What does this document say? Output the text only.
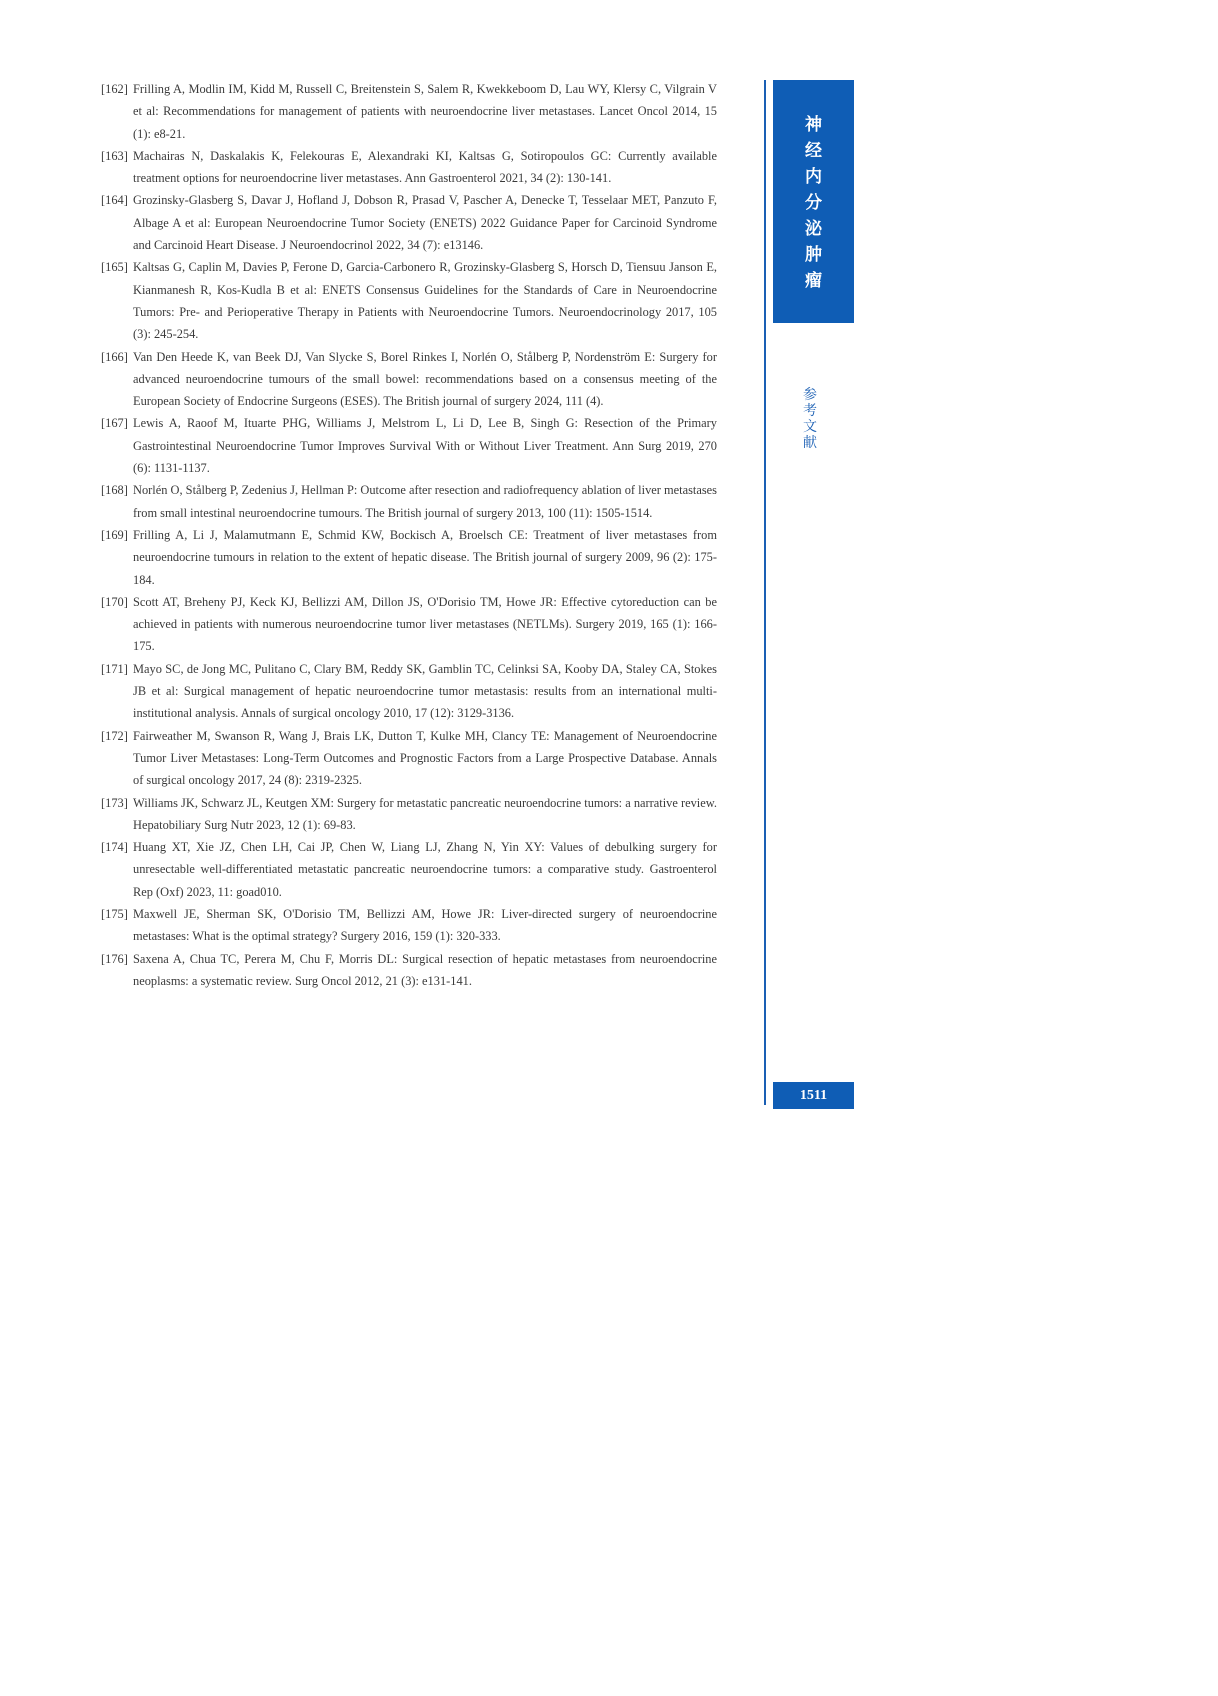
[162] Frilling A, Modlin IM, Kidd M, Russell C, Breitenstein S, Salem R, Kwekkeboom D, Lau WY, Klersy C, Vilgrain V et al: Recommendations for management of patients with neuroendocrine liver metastases. Lancet Oncol 2014, 15 (1): e8-21.
[163] Machairas N, Daskalakis K, Felekouras E, Alexandraki KI, Kaltsas G, Sotiropoulos GC: Currently available treatment options for neuroendocrine liver metastases. Ann Gastroenterol 2021, 34 (2): 130-141.
[164] Grozinsky-Glasberg S, Davar J, Hofland J, Dobson R, Prasad V, Pascher A, Denecke T, Tesselaar MET, Panzuto F, Albage A et al: European Neuroendocrine Tumor Society (ENETS) 2022 Guidance Paper for Carcinoid Syndrome and Carcinoid Heart Disease. J Neuroendocrinol 2022, 34 (7): e13146.
[165] Kaltsas G, Caplin M, Davies P, Ferone D, Garcia-Carbonero R, Grozinsky-Glasberg S, Horsch D, Tiensuu Janson E, Kianmanesh R, Kos-Kudla B et al: ENETS Consensus Guidelines for the Standards of Care in Neuroendocrine Tumors: Pre- and Perioperative Therapy in Patients with Neuroendocrine Tumors. Neuroendocrinology 2017, 105 (3): 245-254.
[166] Van Den Heede K, van Beek DJ, Van Slycke S, Borel Rinkes I, Norlén O, Stålberg P, Nordenström E: Surgery for advanced neuroendocrine tumours of the small bowel: recommendations based on a consensus meeting of the European Society of Endocrine Surgeons (ESES). The British journal of surgery 2024, 111 (4).
[167] Lewis A, Raoof M, Ituarte PHG, Williams J, Melstrom L, Li D, Lee B, Singh G: Resection of the Primary Gastrointestinal Neuroendocrine Tumor Improves Survival With or Without Liver Treatment. Ann Surg 2019, 270 (6): 1131-1137.
[168] Norlén O, Stålberg P, Zedenius J, Hellman P: Outcome after resection and radiofrequency ablation of liver metastases from small intestinal neuroendocrine tumours. The British journal of surgery 2013, 100 (11): 1505-1514.
[169] Frilling A, Li J, Malamutmann E, Schmid KW, Bockisch A, Broelsch CE: Treatment of liver metastases from neuroendocrine tumours in relation to the extent of hepatic disease. The British journal of surgery 2009, 96 (2): 175-184.
[170] Scott AT, Breheny PJ, Keck KJ, Bellizzi AM, Dillon JS, O'Dorisio TM, Howe JR: Effective cytoreduction can be achieved in patients with numerous neuroendocrine tumor liver metastases (NETLMs). Surgery 2019, 165 (1): 166-175.
[171] Mayo SC, de Jong MC, Pulitano C, Clary BM, Reddy SK, Gamblin TC, Celinksi SA, Kooby DA, Staley CA, Stokes JB et al: Surgical management of hepatic neuroendocrine tumor metastasis: results from an international multi-institutional analysis. Annals of surgical oncology 2010, 17 (12): 3129-3136.
[172] Fairweather M, Swanson R, Wang J, Brais LK, Dutton T, Kulke MH, Clancy TE: Management of Neuroendocrine Tumor Liver Metastases: Long-Term Outcomes and Prognostic Factors from a Large Prospective Database. Annals of surgical oncology 2017, 24 (8): 2319-2325.
[173] Williams JK, Schwarz JL, Keutgen XM: Surgery for metastatic pancreatic neuroendocrine tumors: a narrative review. Hepatobiliary Surg Nutr 2023, 12 (1): 69-83.
[174] Huang XT, Xie JZ, Chen LH, Cai JP, Chen W, Liang LJ, Zhang N, Yin XY: Values of debulking surgery for unresectable well-differentiated metastatic pancreatic neuroendocrine tumors: a comparative study. Gastroenterol Rep (Oxf) 2023, 11: goad010.
[175] Maxwell JE, Sherman SK, O'Dorisio TM, Bellizzi AM, Howe JR: Liver-directed surgery of neuroendocrine metastases: What is the optimal strategy? Surgery 2016, 159 (1): 320-333.
[176] Saxena A, Chua TC, Perera M, Chu F, Morris DL: Surgical resection of hepatic metastases from neuroendocrine neoplasms: a systematic review. Surg Oncol 2012, 21 (3): e131-141.
神
经
内
分
泌
肿
瘤
参
考
文
献
1511
